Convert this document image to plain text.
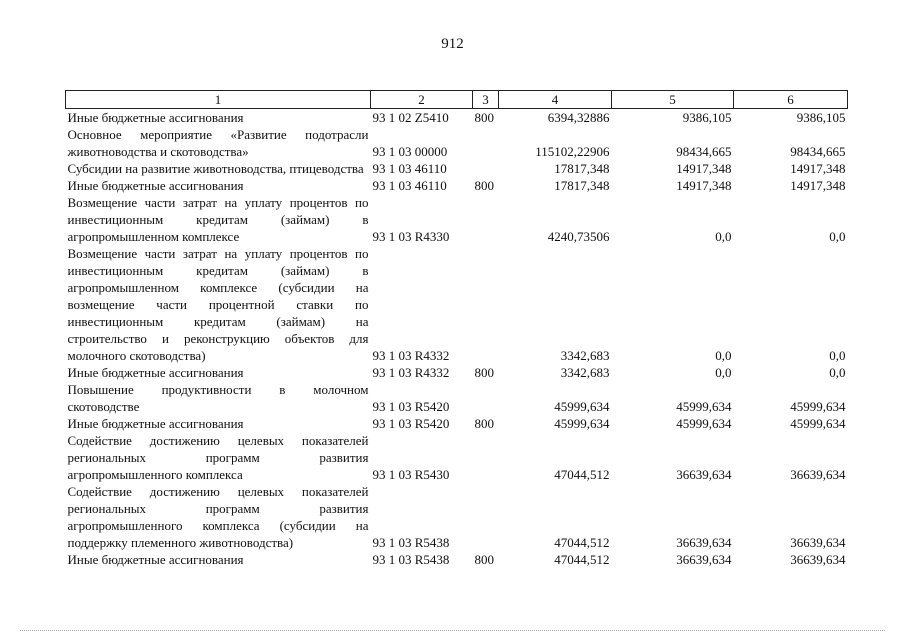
912
1	2	3	4	5	6
Иные бюджетные ассигнования	93 1 02 Z5410	800	6394,32886	9386,105	9386,105
Основное мероприятие «Развитие подотрасли животноводства и скотоводства»	93 1 03 00000		115102,22906	98434,665	98434,665
Субсидии на развитие животноводства, птицеводства	93 1 03 46110		17817,348	14917,348	14917,348
Иные бюджетные ассигнования	93 1 03 46110	800	17817,348	14917,348	14917,348
Возмещение части затрат на уплату процентов по инвестиционным кредитам (займам) в агропромышленном комплексе	93 1 03 R4330		4240,73506	0,0	0,0
Возмещение части затрат на уплату процентов по инвестиционным кредитам (займам) в агропромышленном комплексе (субсидии на возмещение части процентной ставки по инвестиционным кредитам (займам) на строительство и реконструкцию объектов для молочного скотоводства)	93 1 03 R4332		3342,683	0,0	0,0
Иные бюджетные ассигнования	93 1 03 R4332	800	3342,683	0,0	0,0
Повышение продуктивности в молочном скотоводстве	93 1 03 R5420		45999,634	45999,634	45999,634
Иные бюджетные ассигнования	93 1 03 R5420	800	45999,634	45999,634	45999,634
Содействие достижению целевых показателей региональных программ развития агропромышленного комплекса	93 1 03 R5430		47044,512	36639,634	36639,634
Содействие достижению целевых показателей региональных программ развития агропромышленного комплекса (субсидии на поддержку племенного животноводства)	93 1 03 R5438		47044,512	36639,634	36639,634
Иные бюджетные ассигнования	93 1 03 R5438	800	47044,512	36639,634	36639,634
